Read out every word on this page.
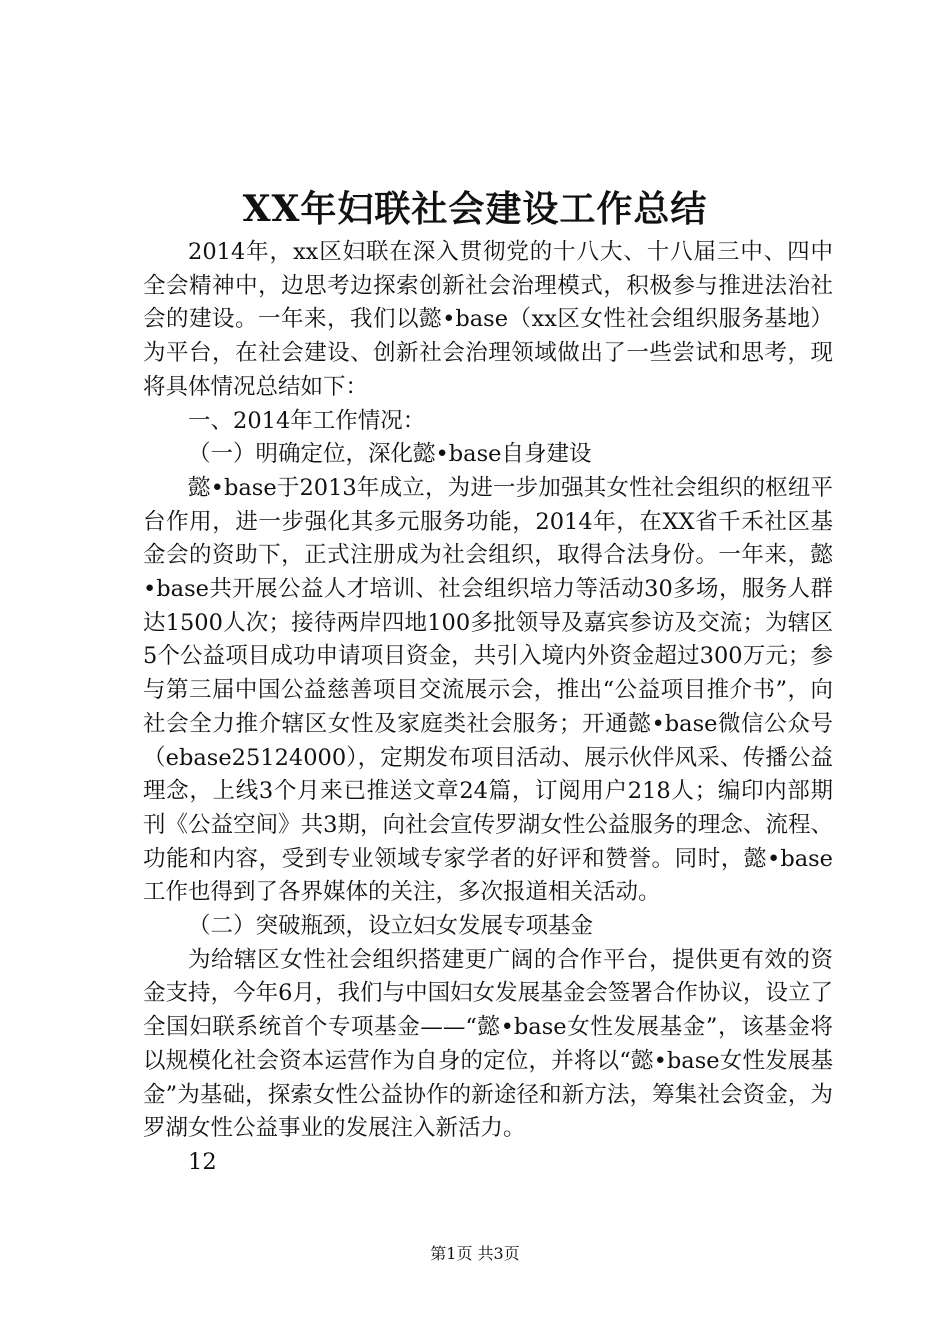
XX年妇联社会建设工作总结

2014年，xx区妇联在深入贯彻党的十八大、十八届三中、四中全会精神中，边思考边探索创新社会治理模式，积极参与推进法治社会的建设。一年来，我们以懿•base（xx区女性社会组织服务基地）为平台，在社会建设、创新社会治理领域做出了一些尝试和思考，现将具体情况总结如下：

一、2014年工作情况：

（一）明确定位，深化懿•base自身建设

懿•base于2013年成立，为进一步加强其女性社会组织的枢纽平台作用，进一步强化其多元服务功能，2014年，在XX省千禾社区基金会的资助下，正式注册成为社会组织，取得合法身份。一年来，懿•base共开展公益人才培训、社会组织培力等活动30多场，服务人群达1500人次；接待两岸四地100多批领导及嘉宾参访及交流；为辖区5个公益项目成功申请项目资金，共引入境内外资金超过300万元；参与第三届中国公益慈善项目交流展示会，推出“公益项目推介书”，向社会全力推介辖区女性及家庭类社会服务；开通懿•base微信公众号（ebase25124000），定期发布项目活动、展示伙伴风采、传播公益理念，上线3个月来已推送文章24篇，订阅用户218人；编印内部期刊《公益空间》共3期，向社会宣传罗湖女性公益服务的理念、流程、功能和内容，受到专业领域专家学者的好评和赞誉。同时，懿•base工作也得到了各界媒体的关注，多次报道相关活动。

（二）突破瓶颈，设立妇女发展专项基金

为给辖区女性社会组织搭建更广阔的合作平台，提供更有效的资金支持，今年6月，我们与中国妇女发展基金会签署合作协议，设立了全国妇联系统首个专项基金——“懿•base女性发展基金”，该基金将以规模化社会资本运营作为自身的定位，并将以“懿•base女性发展基金”为基础，探索女性公益协作的新途径和新方法，筹集社会资金，为罗湖女性公益事业的发展注入新活力。

12

第1页 共3页
